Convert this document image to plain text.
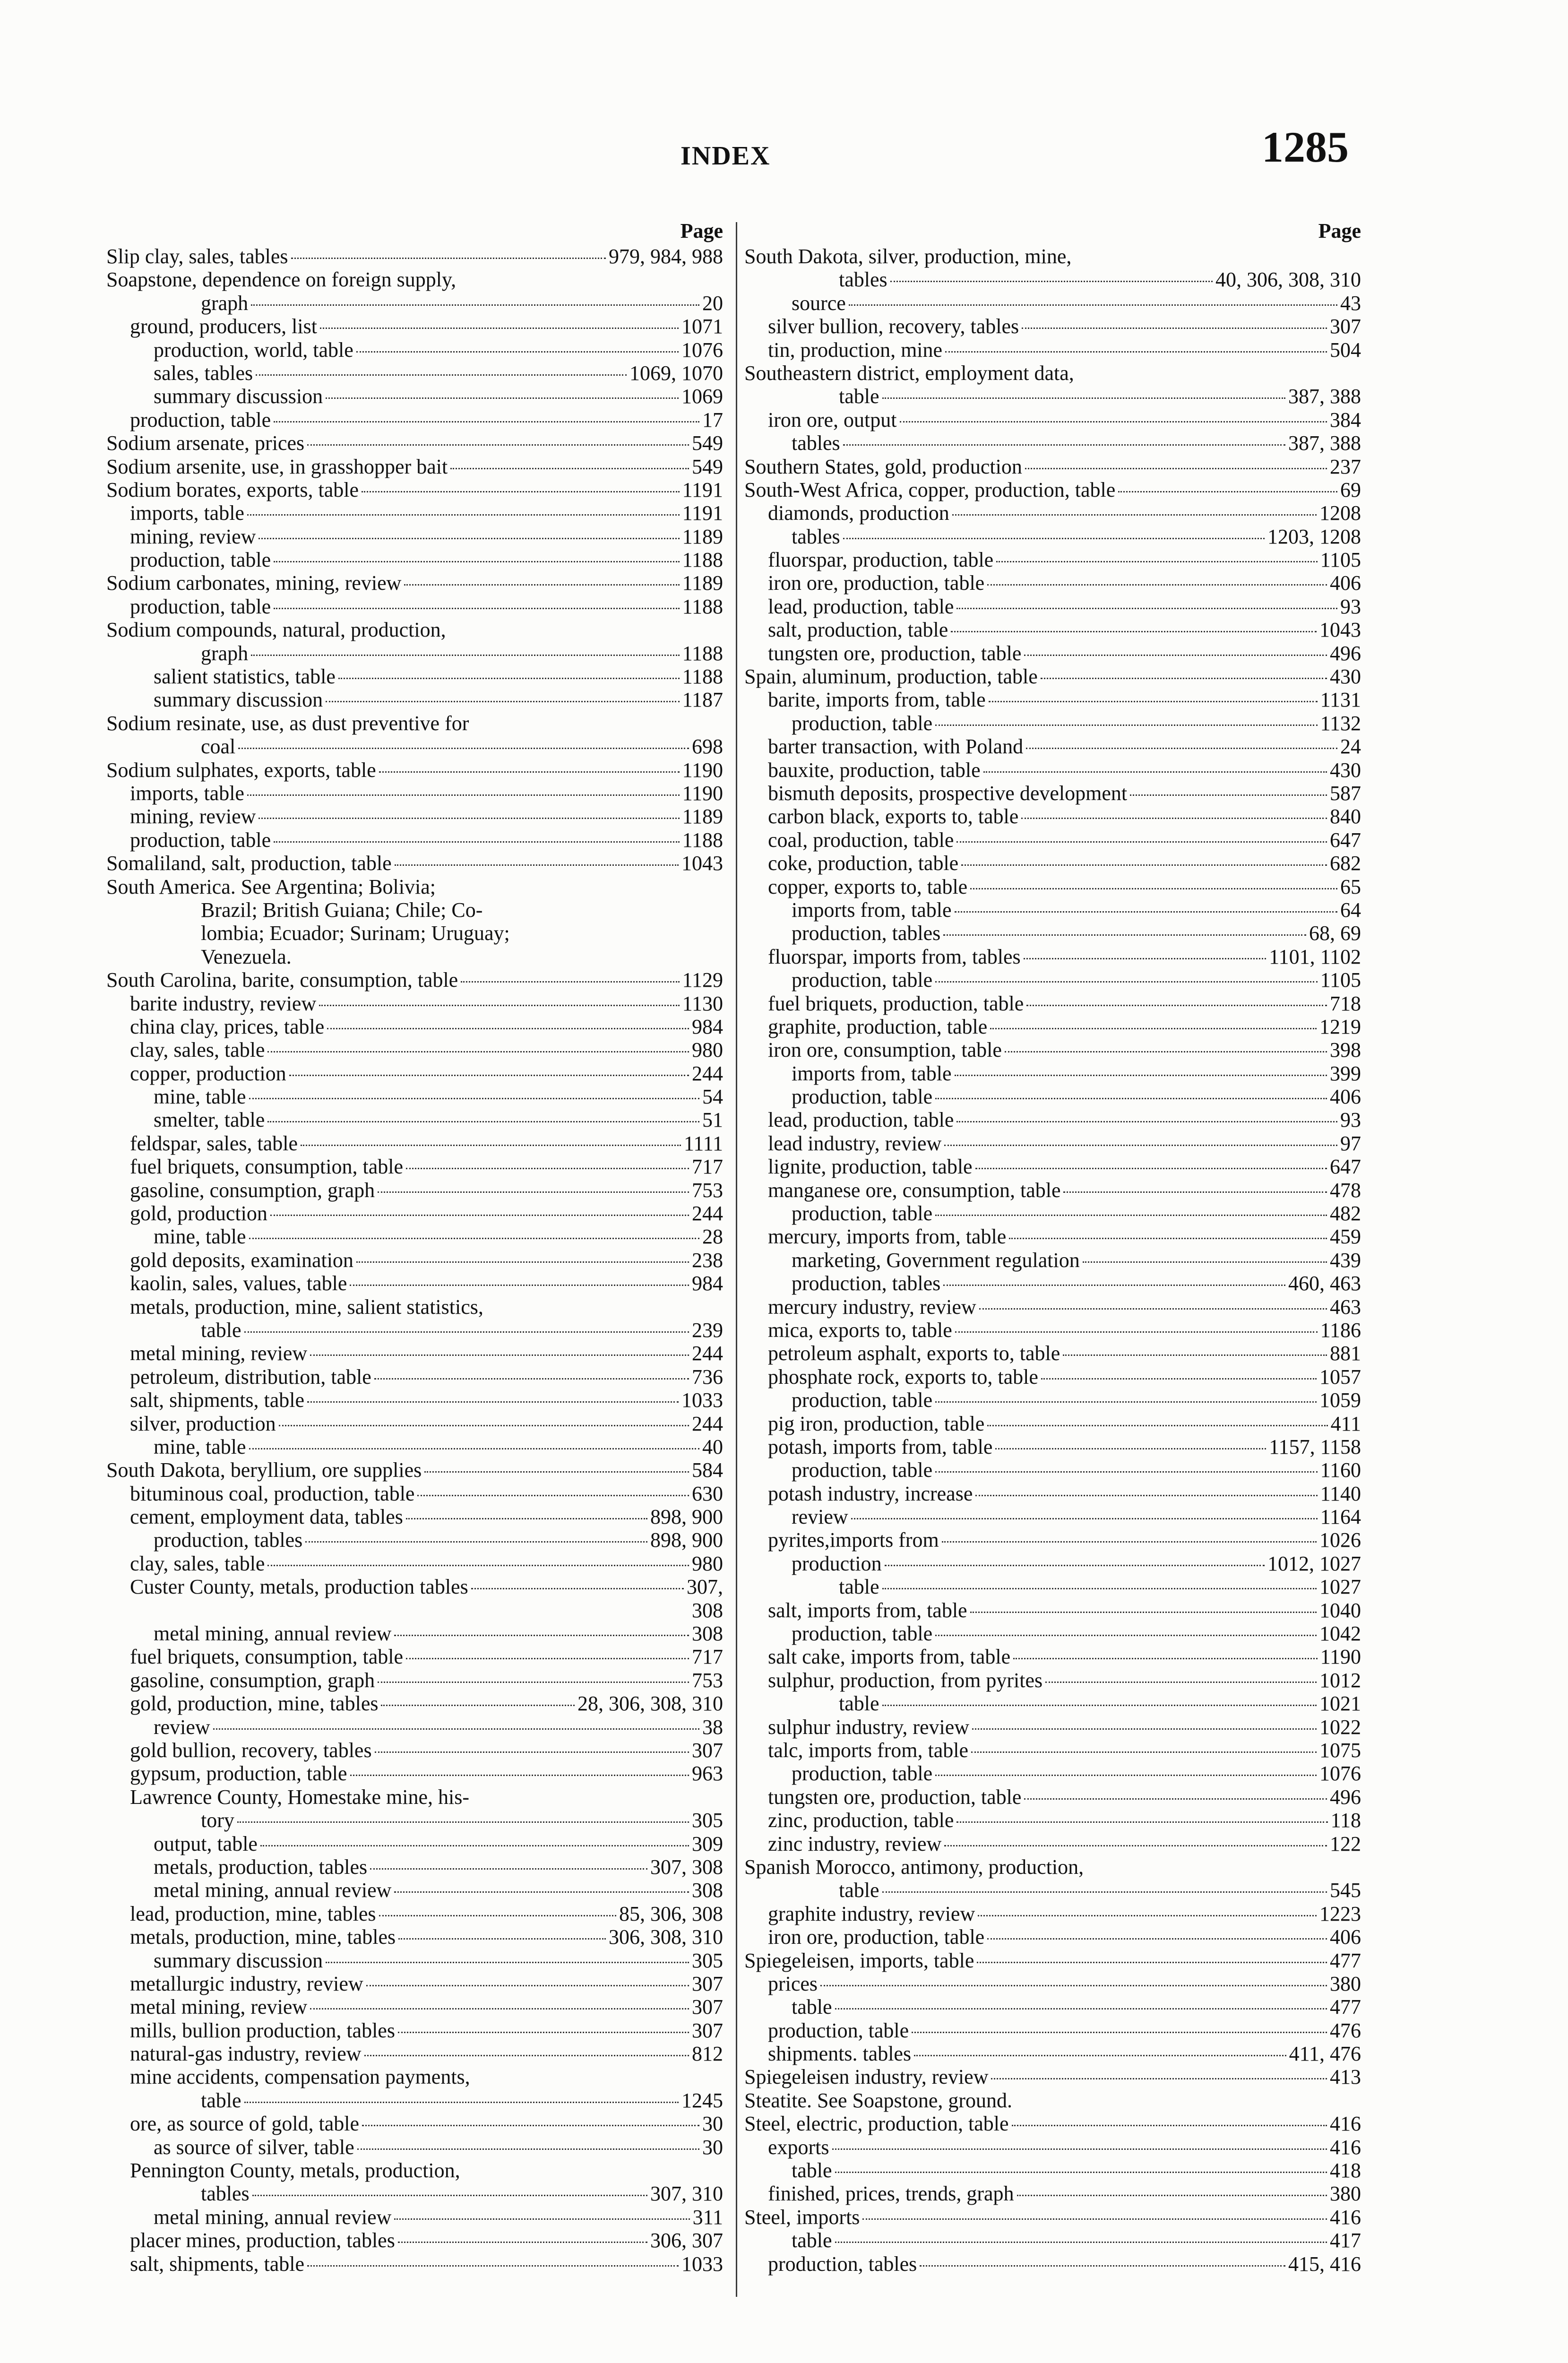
INDEX	1285
Page
Slip clay, sales, tables	979, 984, 988
Soapstone, dependence on foreign supply,
graph	20
ground, producers, list	1071
production, world, table	1076
sales, tables	1069, 1070
summary discussion	1069
production, table	17
Sodium arsenate, prices	549
Sodium arsenite, use, in grasshopper bait	549
Sodium borates, exports, table	1191
imports, table	1191
mining, review	1189
production, table	1188
Sodium carbonates, mining, review	1189
production, table	1188
Sodium compounds, natural, production,
graph	1188
salient statistics, table	1188
summary discussion	1187
Sodium resinate, use, as dust preventive for
coal	698
Sodium sulphates, exports, table	1190
imports, table	1190
mining, review	1189
production, table	1188
Somaliland, salt, production, table	1043
South America. See Argentina; Bolivia;
Brazil; British Guiana; Chile; Co-
lombia; Ecuador; Surinam; Uruguay;
Venezuela.
South Carolina, barite, consumption, table	1129
barite industry, review	1130
china clay, prices, table	984
clay, sales, table	980
copper, production	244
mine, table	54
smelter, table	51
feldspar, sales, table	1111
fuel briquets, consumption, table	717
gasoline, consumption, graph	753
gold, production	244
mine, table	28
gold deposits, examination	238
kaolin, sales, values, table	984
metals, production, mine, salient statistics,
table	239
metal mining, review	244
petroleum, distribution, table	736
salt, shipments, table	1033
silver, production	244
mine, table	40
South Dakota, beryllium, ore supplies	584
bituminous coal, production, table	630
cement, employment data, tables	898, 900
production, tables	898, 900
clay, sales, table	980
Custer County, metals, production tables	307,
308
metal mining, annual review	308
fuel briquets, consumption, table	717
gasoline, consumption, graph	753
gold, production, mine, tables	28, 306, 308, 310
review	38
gold bullion, recovery, tables	307
gypsum, production, table	963
Lawrence County, Homestake mine, his-
tory	305
output, table	309
metals, production, tables	307, 308
metal mining, annual review	308
lead, production, mine, tables	85, 306, 308
metals, production, mine, tables	306, 308, 310
summary discussion	305
metallurgic industry, review	307
metal mining, review	307
mills, bullion production, tables	307
natural-gas industry, review	812
mine accidents, compensation payments,
table	1245
ore, as source of gold, table	30
as source of silver, table	30
Pennington County, metals, production,
tables	307, 310
metal mining, annual review	311
placer mines, production, tables	306, 307
salt, shipments, table	1033
Page
South Dakota, silver, production, mine,
tables	40, 306, 308, 310
source	43
silver bullion, recovery, tables	307
tin, production, mine	504
Southeastern district, employment data,
table	387, 388
iron ore, output	384
tables	387, 388
Southern States, gold, production	237
South-West Africa, copper, production, table	69
diamonds, production	1208
tables	1203, 1208
fluorspar, production, table	1105
iron ore, production, table	406
lead, production, table	93
salt, production, table	1043
tungsten ore, production, table	496
Spain, aluminum, production, table	430
barite, imports from, table	1131
production, table	1132
barter transaction, with Poland	24
bauxite, production, table	430
bismuth deposits, prospective development	587
carbon black, exports to, table	840
coal, production, table	647
coke, production, table	682
copper, exports to, table	65
imports from, table	64
production, tables	68, 69
fluorspar, imports from, tables	1101, 1102
production, table	1105
fuel briquets, production, table	718
graphite, production, table	1219
iron ore, consumption, table	398
imports from, table	399
production, table	406
lead, production, table	93
lead industry, review	97
lignite, production, table	647
manganese ore, consumption, table	478
production, table	482
mercury, imports from, table	459
marketing, Government regulation	439
production, tables	460, 463
mercury industry, review	463
mica, exports to, table	1186
petroleum asphalt, exports to, table	881
phosphate rock, exports to, table	1057
production, table	1059
pig iron, production, table	411
potash, imports from, table	1157, 1158
production, table	1160
potash industry, increase	1140
review	1164
pyrites,imports from	1026
production	1012, 1027
table	1027
salt, imports from, table	1040
production, table	1042
salt cake, imports from, table	1190
sulphur, production, from pyrites	1012
table	1021
sulphur industry, review	1022
talc, imports from, table	1075
production, table	1076
tungsten ore, production, table	496
zinc, production, table	118
zinc industry, review	122
Spanish Morocco, antimony, production,
table	545
graphite industry, review	1223
iron ore, production, table	406
Spiegeleisen, imports, table	477
prices	380
table	477
production, table	476
shipments. tables	411, 476
Spiegeleisen industry, review	413
Steatite. See Soapstone, ground.
Steel, electric, production, table	416
exports	416
table	418
finished, prices, trends, graph	380
Steel, imports	416
table	417
production, tables	415, 416
